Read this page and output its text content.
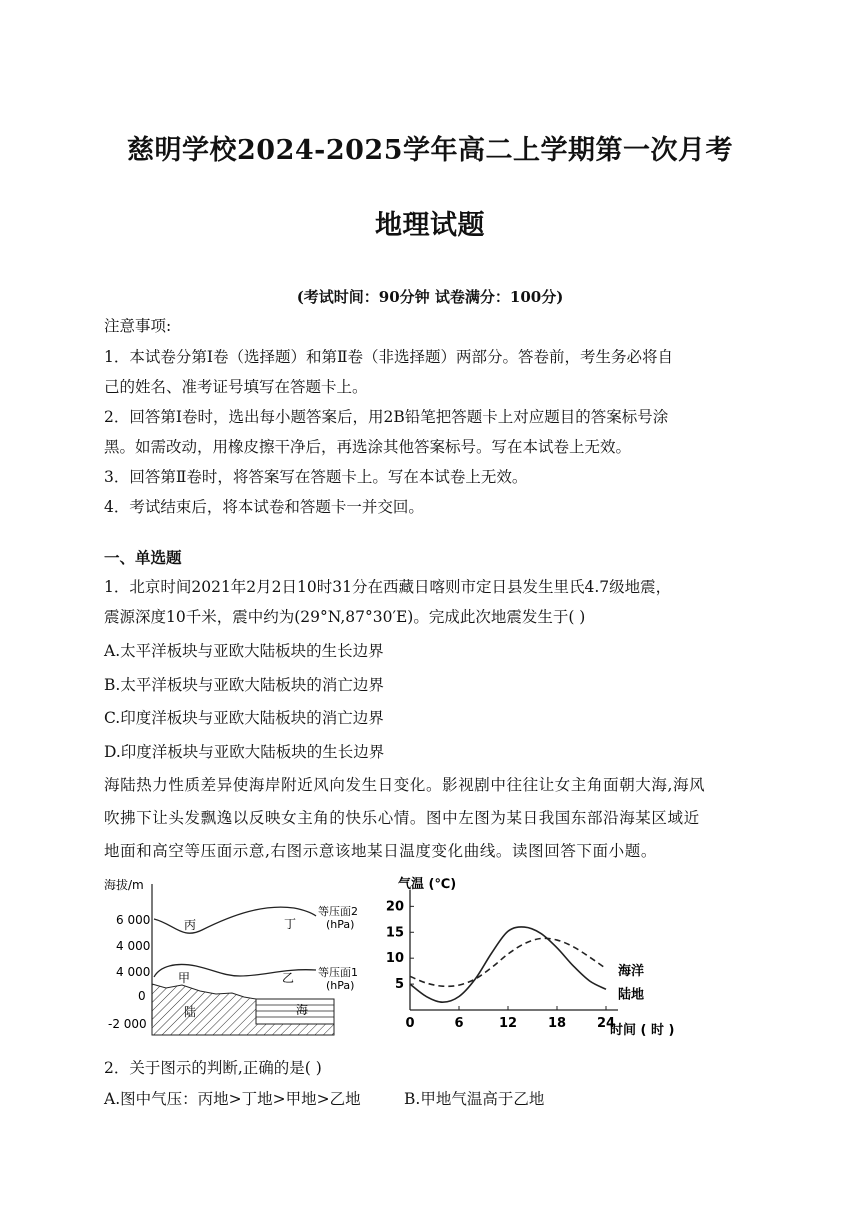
慈明学校2024-2025学年高二上学期第一次月考
地理试题
(考试时间：90分钟 试卷满分：100分)
注意事项:
1．本试卷分第Ⅰ卷（选择题）和第Ⅱ卷（非选择题）两部分。答卷前，考生务必将自
己的姓名、准考证号填写在答题卡上。
2．回答第Ⅰ卷时，选出每小题答案后，用2B铅笔把答题卡上对应题目的答案标号涂
黑。如需改动，用橡皮擦干净后，再选涂其他答案标号。写在本试卷上无效。
3．回答第Ⅱ卷时，将答案写在答题卡上。写在本试卷上无效。
4．考试结束后，将本试卷和答题卡一并交回。
一、单选题
1．北京时间2021年2月2日10时31分在西藏日喀则市定日县发生里氏4.7级地震，
震源深度10千米，震中约为(29°N,87°30′E)。完成此次地震发生于( )
A.太平洋板块与亚欧大陆板块的生长边界
B.太平洋板块与亚欧大陆板块的消亡边界
C.印度洋板块与亚欧大陆板块的消亡边界
D.印度洋板块与亚欧大陆板块的生长边界
海陆热力性质差异使海岸附近风向发生日变化。影视剧中往往让女主角面朝大海,海风
吹拂下让头发飘逸以反映女主角的快乐心情。图中左图为某日我国东部沿海某区域近
地面和高空等压面示意,右图示意该地某日温度变化曲线。读图回答下面小题。
海拔/m
6 000
4 000
4 000
0
-2 000
丙	丁
甲	乙
等压面2
(hPa)
等压面1
(hPa)
陆	海
气温 (℃)
时间 ( 时 )
5
10
15
20
0	6	12 18 24
海洋
陆地
2．关于图示的判断,正确的是( )
A.图中气压：丙地>丁地>甲地>乙地	B.甲地气温高于乙地
